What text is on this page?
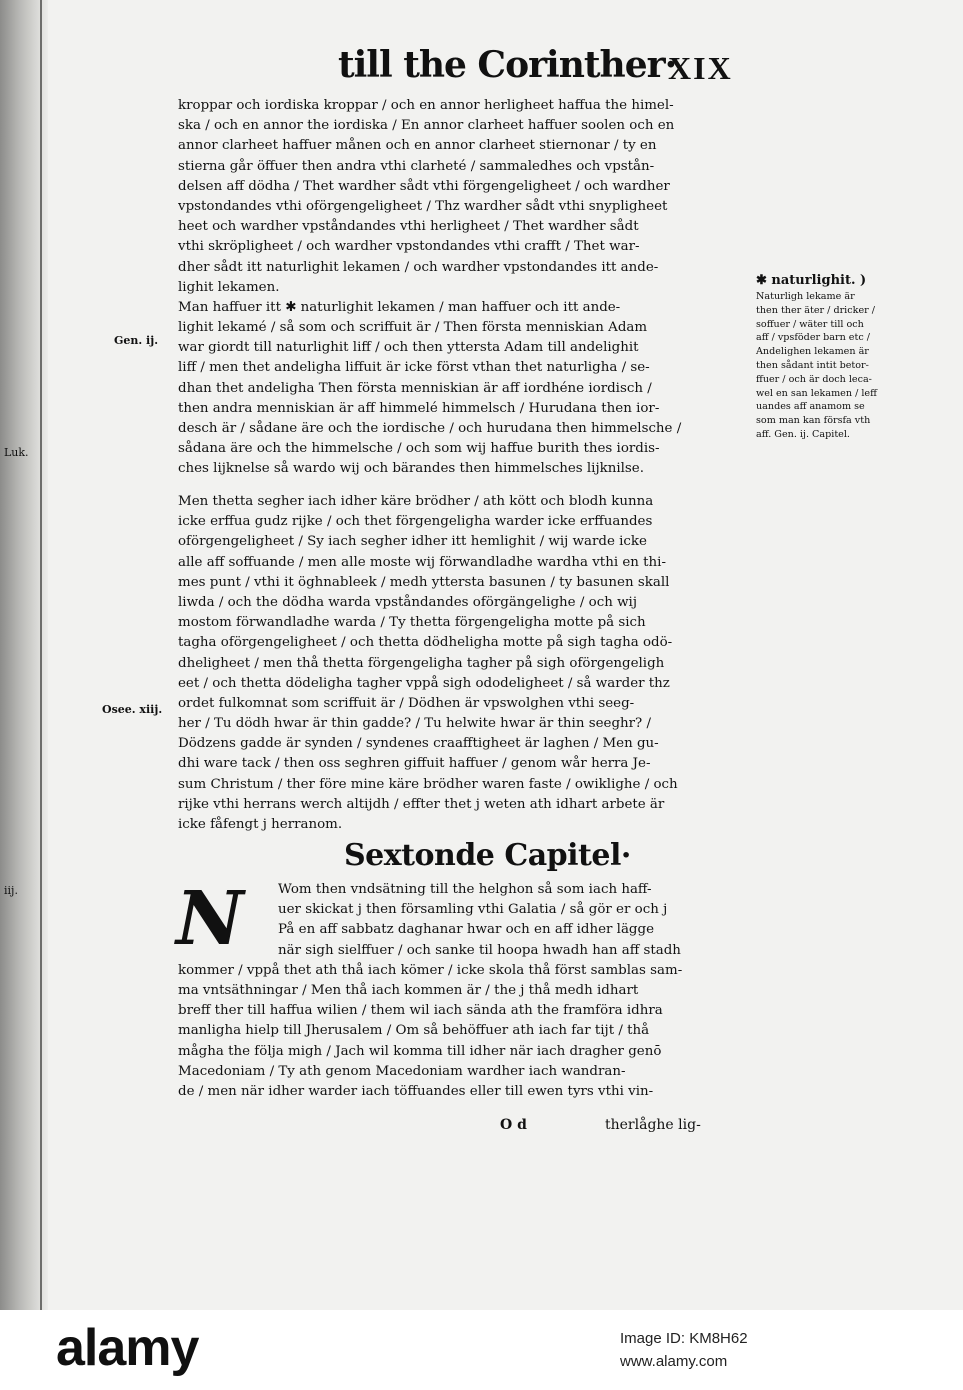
till the Corinther·
XIX
kroppar och iordiska kroppar / och en annor herligheet haffua the himel-
ska / och en annor the iordiska / En annor clarheet haffuer soolen och en
annor clarheet haffuer månen och en annor clarheet stiernonar / ty en
stierna går öffuer then andra vthi clarheté / sammaledhes och vpstån-
delsen aff dödha / Thet wardher sådt vthi förgengeligheet / och wardher
vpstondandes vthi oförgengeligheet / Thz wardher sådt vthi snypligheet
heet och wardher vpståndandes vthi herligheet / Thet wardher sådt
vthi skröpligheet / och wardher vpstondandes vthi crafft / Thet war-
dher sådt itt naturlighit lekamen / och wardher vpstondandes itt ande-
lighit lekamen.
Man haffuer itt ✱ naturlighit lekamen / man haffuer och itt ande-
lighit lekamé / så som och scriffuit är / Then första menniskian Adam
war giordt till naturlighit liff / och then yttersta Adam till andelighit
liff / men thet andeligha liffuit är icke först vthan thet naturligha / se-
dhan thet andeligha Then första menniskian är aff iordhéne iordisch /
then andra menniskian är aff himmelé himmelsch / Hurudana then ior-
desch är / sådane äre och the iordische / och hurudana then himmelsche /
sådana äre och the himmelsche / och som wij haffue burith thes iordis-
ches lijknelse så wardo wij och bärandes then himmelsches lijknilse.
Men thetta segher iach idher käre brödher / ath kött och blodh kunna
icke erffua gudz rijke / och thet förgengeligha warder icke erffuandes
oförgengeligheet / Sy iach segher idher itt hemlighit / wij warde icke
alle aff soffuande / men alle moste wij förwandladhe wardha vthi en thi-
mes punt / vthi it öghnableek / medh yttersta basunen / ty basunen skall
liwda / och the dödha warda vpståndandes oförgängelighe / och wij
mostom förwandladhe warda / Ty thetta förgengeligha motte på sich
tagha oförgengeligheet / och thetta dödheligha motte på sigh tagha odö-
dheligheet / men thå thetta förgengeligha tagher på sigh oförgengeligh
eet / och thetta dödeligha tagher vppå sigh ododeligheet / så warder thz
ordet fulkomnat som scriffuit är / Dödhen är vpswolghen vthi seeg-
her / Tu dödh hwar är thin gadde? / Tu helwite hwar är thin seeghr? /
Dödzens gadde är synden / syndenes craafftigheet är laghen / Men gu-
dhi ware tack / then oss seghren giffuit haffuer / genom wår herra Je-
sum Christum / ther före mine käre brödher waren faste / owiklighe / och
rijke vthi herrans werch altijdh / effter thet j weten ath idhart arbete är
icke fåfengt j herranom.
Sextonde Capitel·
N	Wom then vndsätning till the helghon så som iach haff-
uer skickat j then församling vthi Galatia / så gör er och j
På en aff sabbatz daghanar hwar och en aff idher lägge
när sigh sielffuer / och sanke til hoopa hwadh han aff stadh
kommer / vppå thet ath thå iach kömer / icke skola thå först samblas sam-
ma vntsäthningar / Men thå iach kommen är / the j thå medh idhart
breff ther till haffua wilien / them wil iach sända ath the framföra idhra
manligha hielp till Jherusalem / Om så behöffuer ath iach far tijt / thå
mågha the följa migh / Jach wil komma till idher när iach dragher genō
Macedoniam / Ty ath genom Macedoniam wardher iach wandran-
de / men när idher warder iach töffuandes eller till ewen tyrs vthi vin-
Gen. ij.
Osee. xiij.
Luk.
iij.
✱ naturlighit. )
Naturligh lekame är
then ther äter / dricker /
soffuer / wäter till och
aff / vpsföder barn etc /
Andelighen lekamen är
then sådant intit betor-
ffuer / och är doch leca-
wel en san lekamen / leff
uandes aff anamom se
som man kan försfa vth
aff. Gen. ij. Capitel.
O d	therlåghe lig-
alamy	Image ID: KM8H62
www.alamy.com
